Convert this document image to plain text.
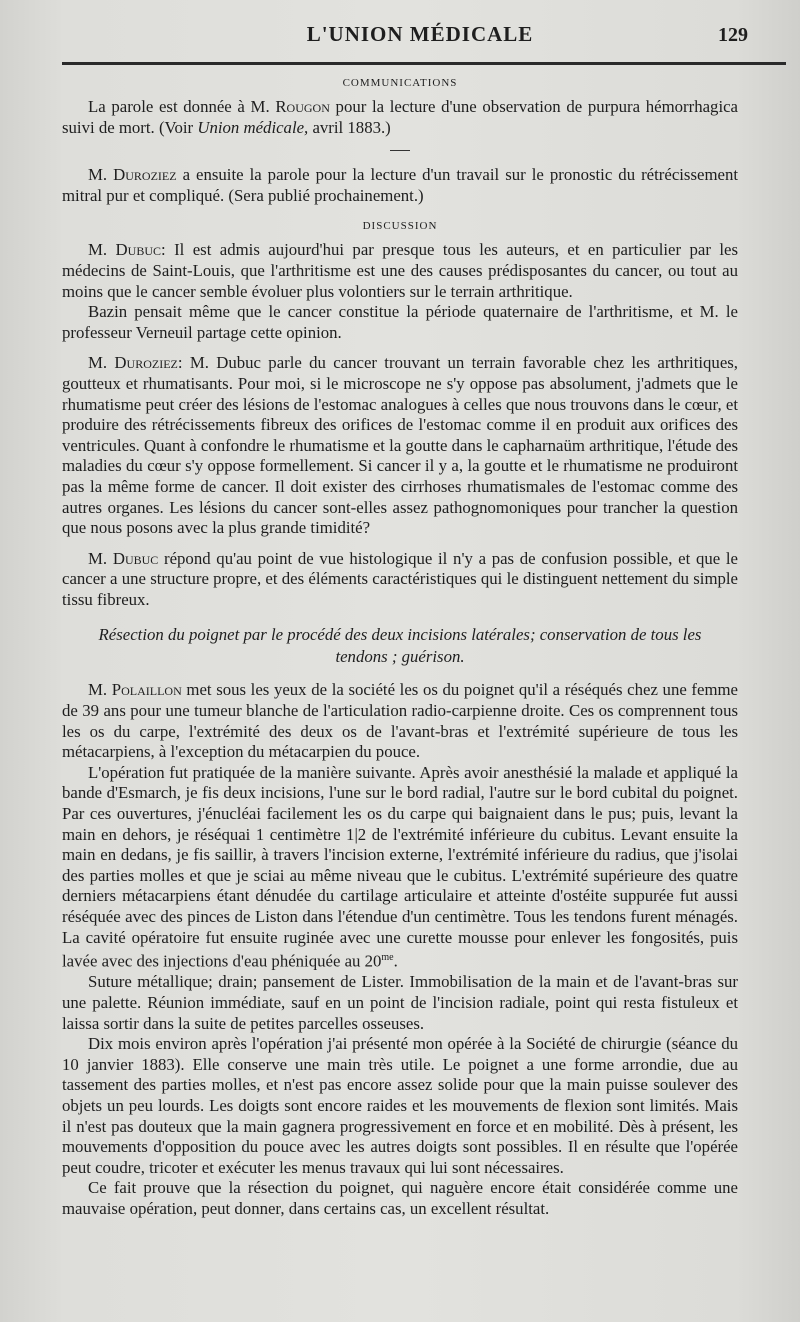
L'UNION MÉDICALE	129
COMMUNICATIONS

La parole est donnée à M. Rougon pour la lecture d'une observation de purpura hémorrhagica suivi de mort. (Voir Union médicale, avril 1883.)

M. Duroziez a ensuite la parole pour la lecture d'un travail sur le pronostic du rétrécissement mitral pur et compliqué. (Sera publié prochainement.)

DISCUSSION

M. Dubuc: Il est admis aujourd'hui par presque tous les auteurs, et en particulier par les médecins de Saint-Louis, que l'arthritisme est une des causes prédisposantes du cancer, ou tout au moins que le cancer semble évoluer plus volontiers sur le terrain arthritique.

Bazin pensait même que le cancer constitue la période quaternaire de l'arthritisme, et M. le professeur Verneuil partage cette opinion.

M. Duroziez: M. Dubuc parle du cancer trouvant un terrain favorable chez les arthritiques, goutteux et rhumatisants. Pour moi, si le microscope ne s'y oppose pas absolument, j'admets que le rhumatisme peut créer des lésions de l'estomac analogues à celles que nous trouvons dans le cœur, et produire des rétrécissements fibreux des orifices de l'estomac comme il en produit aux orifices des ventricules. Quant à confondre le rhumatisme et la goutte dans le capharnaüm arthritique, l'étude des maladies du cœur s'y oppose formellement. Si cancer il y a, la goutte et le rhumatisme ne produiront pas la même forme de cancer. Il doit exister des cirrhoses rhumatismales de l'estomac comme des autres organes. Les lésions du cancer sont-elles assez pathognomoniques pour trancher la question que nous posons avec la plus grande timidité?

M. Dubuc répond qu'au point de vue histologique il n'y a pas de confusion possible, et que le cancer a une structure propre, et des éléments caractéristiques qui le distinguent nettement du simple tissu fibreux.

Résection du poignet par le procédé des deux incisions latérales; conservation de tous les tendons ; guérison.

M. Polaillon met sous les yeux de la société les os du poignet qu'il a réséqués chez une femme de 39 ans pour une tumeur blanche de l'articulation radio-carpienne droite. Ces os comprennent tous les os du carpe, l'extrémité des deux os de l'avant-bras et l'extrémité supérieure de tous les métacarpiens, à l'exception du métacarpien du pouce.

L'opération fut pratiquée de la manière suivante. Après avoir anesthésié la malade et appliqué la bande d'Esmarch, je fis deux incisions, l'une sur le bord radial, l'autre sur le bord cubital du poignet. Par ces ouvertures, j'énucléai facilement les os du carpe qui baignaient dans le pus; puis, levant la main en dehors, je réséquai 1 centimètre 1|2 de l'extrémité inférieure du cubitus. Levant ensuite la main en dedans, je fis saillir, à travers l'incision externe, l'extrémité inférieure du radius, que j'isolai des parties molles et que je sciai au même niveau que le cubitus. L'extrémité supérieure des quatre derniers métacarpiens étant dénudée du cartilage articulaire et atteinte d'ostéite suppurée fut aussi réséquée avec des pinces de Liston dans l'étendue d'un centimètre. Tous les tendons furent ménagés. La cavité opératoire fut ensuite ruginée avec une curette mousse pour enlever les fongosités, puis lavée avec des injections d'eau phéniquée au $20^{me}$.

Suture métallique; drain; pansement de Lister. Immobilisation de la main et de l'avant-bras sur une palette. Réunion immédiate, sauf en un point de l'incision radiale, point qui resta fistuleux et laissa sortir dans la suite de petites parcelles osseuses.

Dix mois environ après l'opération j'ai présenté mon opérée à la Société de chirurgie (séance du 10 janvier 1883). Elle conserve une main très utile. Le poignet a une forme arrondie, due au tassement des parties molles, et n'est pas encore assez solide pour que la main puisse soulever des objets un peu lourds. Les doigts sont encore raides et les mouvements de flexion sont limités. Mais il n'est pas douteux que la main gagnera progressivement en force et en mobilité. Dès à présent, les mouvements d'opposition du pouce avec les autres doigts sont possibles. Il en résulte que l'opérée peut coudre, tricoter et exécuter les menus travaux qui lui sont nécessaires.

Ce fait prouve que la résection du poignet, qui naguère encore était considérée comme une mauvaise opération, peut donner, dans certains cas, un excellent résultat.
